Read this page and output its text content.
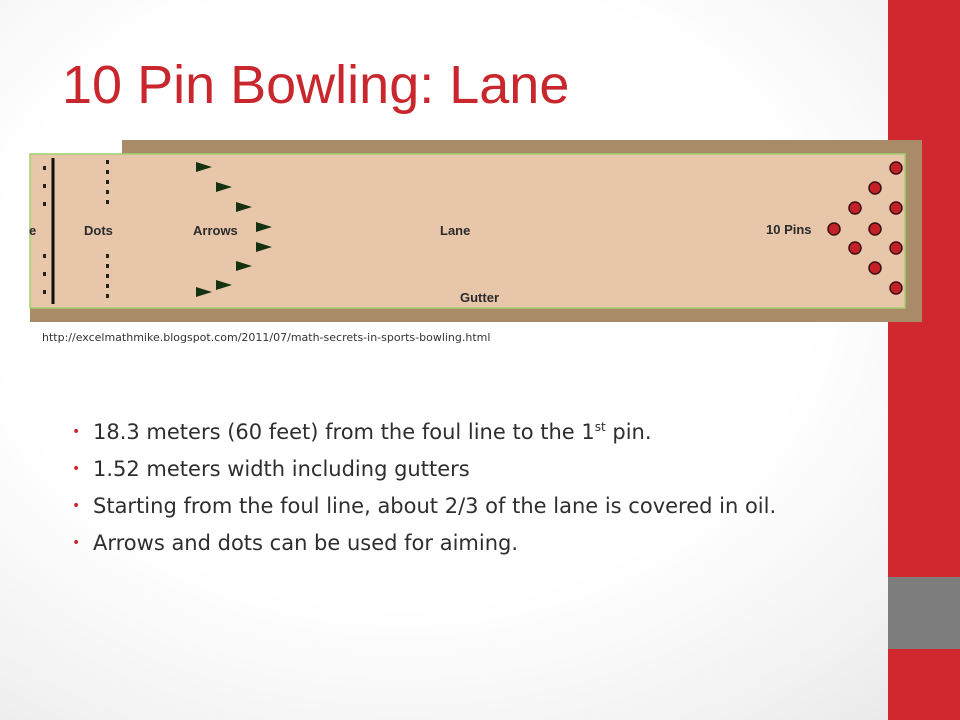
10 Pin Bowling: Lane
e	Dots	Arrows	Lane	10 Pins
Gutter
http://excelmathmike.blogspot.com/2011/07/math-secrets-in-sports-bowling.html
• 18.3 meters (60 feet) from the foul line to the 1st pin.
• 1.52 meters width including gutters
• Starting from the foul line, about 2/3 of the lane is covered in oil.
• Arrows and dots can be used for aiming.
